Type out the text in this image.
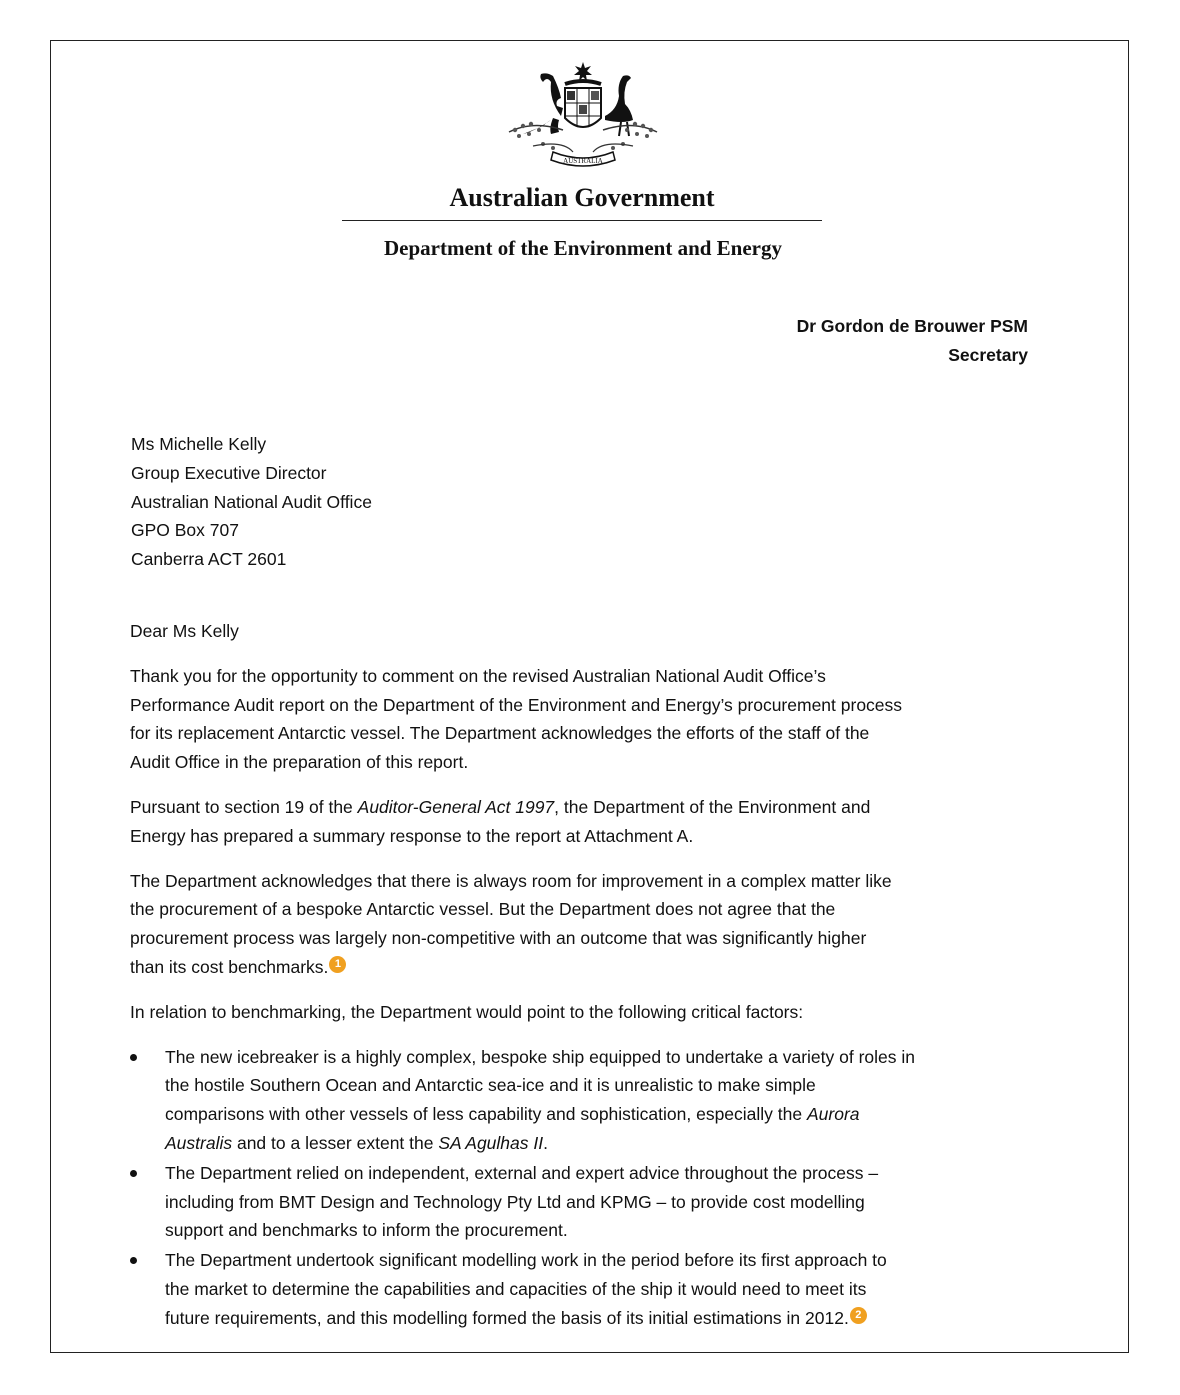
AUSTRALIA
Australian Government
Department of the Environment and Energy
Dr Gordon de Brouwer PSM
Secretary
Ms Michelle Kelly
Group Executive Director
Australian National Audit Office
GPO Box 707
Canberra ACT 2601

Dear Ms Kelly

Thank you for the opportunity to comment on the revised Australian National Audit Office’s
Performance Audit report on the Department of the Environment and Energy’s procurement process
for its replacement Antarctic vessel. The Department acknowledges the efforts of the staff of the
Audit Office in the preparation of this report.

Pursuant to section 19 of the Auditor-General Act 1997, the Department of the Environment and
Energy has prepared a summary response to the report at Attachment A.

The Department acknowledges that there is always room for improvement in a complex matter like
the procurement of a bespoke Antarctic vessel. But the Department does not agree that the
procurement process was largely non-competitive with an outcome that was significantly higher
than its cost benchmarks. 1

In relation to benchmarking, the Department would point to the following critical factors:

The new icebreaker is a highly complex, bespoke ship equipped to undertake a variety of roles in
the hostile Southern Ocean and Antarctic sea-ice and it is unrealistic to make simple
comparisons with other vessels of less capability and sophistication, especially the Aurora
Australis and to a lesser extent the SA Agulhas II.
The Department relied on independent, external and expert advice throughout the process –
including from BMT Design and Technology Pty Ltd and KPMG – to provide cost modelling
support and benchmarks to inform the procurement.
The Department undertook significant modelling work in the period before its first approach to
the market to determine the capabilities and capacities of the ship it would need to meet its
future requirements, and this modelling formed the basis of its initial estimations in 2012. 2
